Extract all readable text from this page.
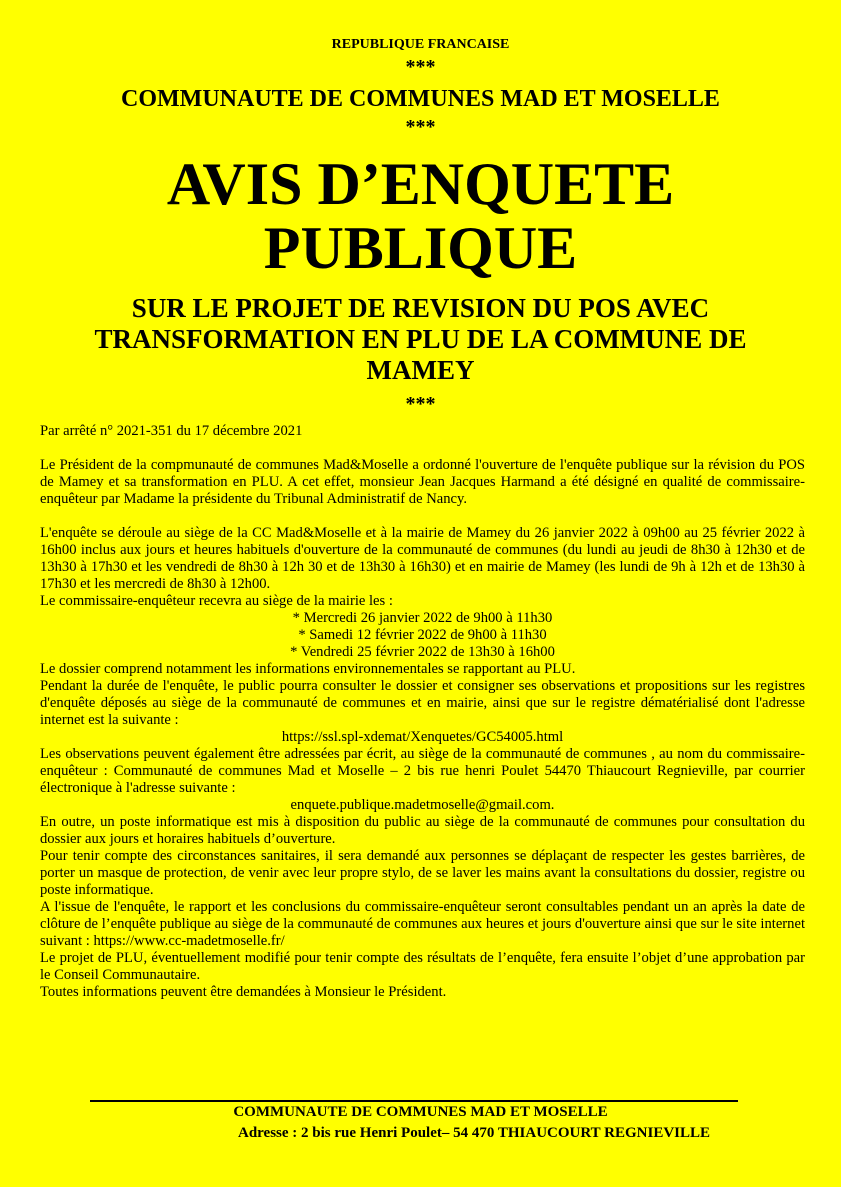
REPUBLIQUE FRANCAISE
***
COMMUNAUTE DE COMMUNES MAD ET MOSELLE
***
AVIS D’ENQUETE
PUBLIQUE
SUR LE PROJET DE REVISION DU POS AVEC TRANSFORMATION EN PLU DE LA COMMUNE DE MAMEY
***

Par arrêté n° 2021-351 du 17 décembre 2021

Le Président de la compmunauté de communes Mad&Moselle a ordonné l'ouverture de l'enquête publique sur la révision du POS de Mamey et sa transformation en PLU. A cet effet, monsieur Jean Jacques Harmand a été désigné en qualité de commissaire-enquêteur par Madame la présidente du Tribunal Administratif de Nancy.

L'enquête se déroule au siège de la CC Mad&Moselle et à la mairie de Mamey du 26 janvier 2022 à 09h00 au 25 février 2022 à 16h00 inclus aux jours et heures habituels d'ouverture de la communauté de communes (du lundi au jeudi de 8h30 à 12h30 et de 13h30 à 17h30 et les vendredi de 8h30 à 12h 30 et de 13h30 à 16h30) et en mairie de Mamey (les lundi de 9h à 12h et de 13h30 à 17h30 et les mercredi de 8h30 à 12h00.

Le commissaire-enquêteur recevra au siège de la mairie les :

* Mercredi 26 janvier 2022 de 9h00 à 11h30

* Samedi 12 février 2022 de 9h00 à 11h30

* Vendredi 25 février 2022 de 13h30 à 16h00

Le dossier comprend notamment les informations environnementales se rapportant au PLU.

Pendant la durée de l'enquête, le public pourra consulter le dossier et consigner ses observations et propositions sur les registres d'enquête déposés au siège de la communauté de communes et en mairie, ainsi que sur le registre dématérialisé dont l'adresse internet est la suivante :

https://ssl.spl-xdemat/Xenquetes/GC54005.html

Les observations peuvent également être adressées par écrit, au siège de la communauté de communes , au nom du commissaire-enquêteur : Communauté de communes Mad et Moselle – 2 bis rue henri Poulet 54470 Thiaucourt Regnieville, par courrier électronique à l'adresse suivante :

enquete.publique.madetmoselle@gmail.com.

En outre, un poste informatique est mis à disposition du public au siège de la communauté de communes pour consultation du dossier aux jours et horaires habituels d’ouverture.

Pour tenir compte des circonstances sanitaires, il sera demandé aux personnes se déplaçant de respecter les gestes barrières, de porter un masque de protection, de venir avec leur propre stylo, de se laver les mains avant la consultations du dossier, registre ou poste informatique.

A l'issue de l'enquête, le rapport et les conclusions du commissaire-enquêteur seront consultables pendant un an après la date de clôture de l’enquête publique au siège de la communauté de communes aux heures et jours d'ouverture ainsi que sur le site internet suivant : https://www.cc-madetmoselle.fr/

Le projet de PLU, éventuellement modifié pour tenir compte des résultats de l’enquête, fera ensuite l’objet d’une approbation par le Conseil Communautaire.

Toutes informations peuvent être demandées à Monsieur le Président.

COMMUNAUTE DE COMMUNES MAD ET MOSELLE
Adresse : 2 bis rue Henri Poulet– 54 470 THIAUCOURT REGNIEVILLE
